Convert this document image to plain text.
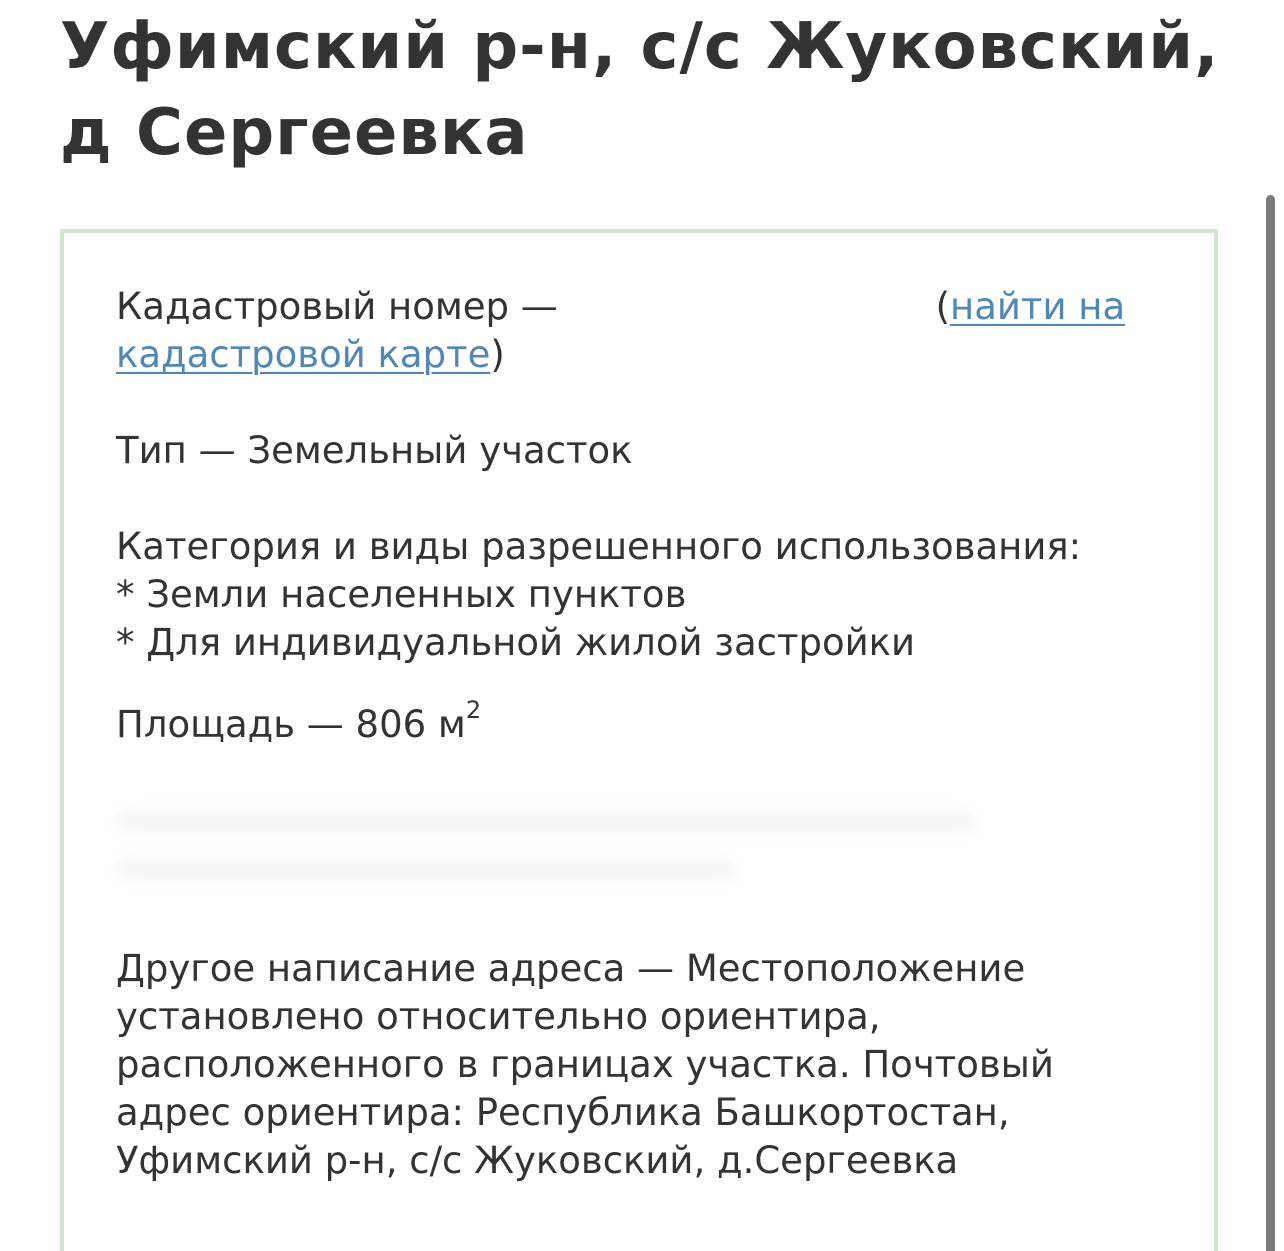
Уфимский р-н, с/с Жуковский,
д Сергеевка

Кадастровый номер —	(найти на кадастровой карте)

Тип — Земельный участок

Категория и виды разрешенного использования:

* Земли населенных пунктов

* Для индивидуальной жилой застройки

Площадь — 806 $м^2$

Другое написание адреса — Местоположение установлено относительно ориентира, расположенного в границах участка. Почтовый адрес ориентира: Республика Башкортостан, Уфимский р-н, с/с Жуковский, д.Сергеевка
